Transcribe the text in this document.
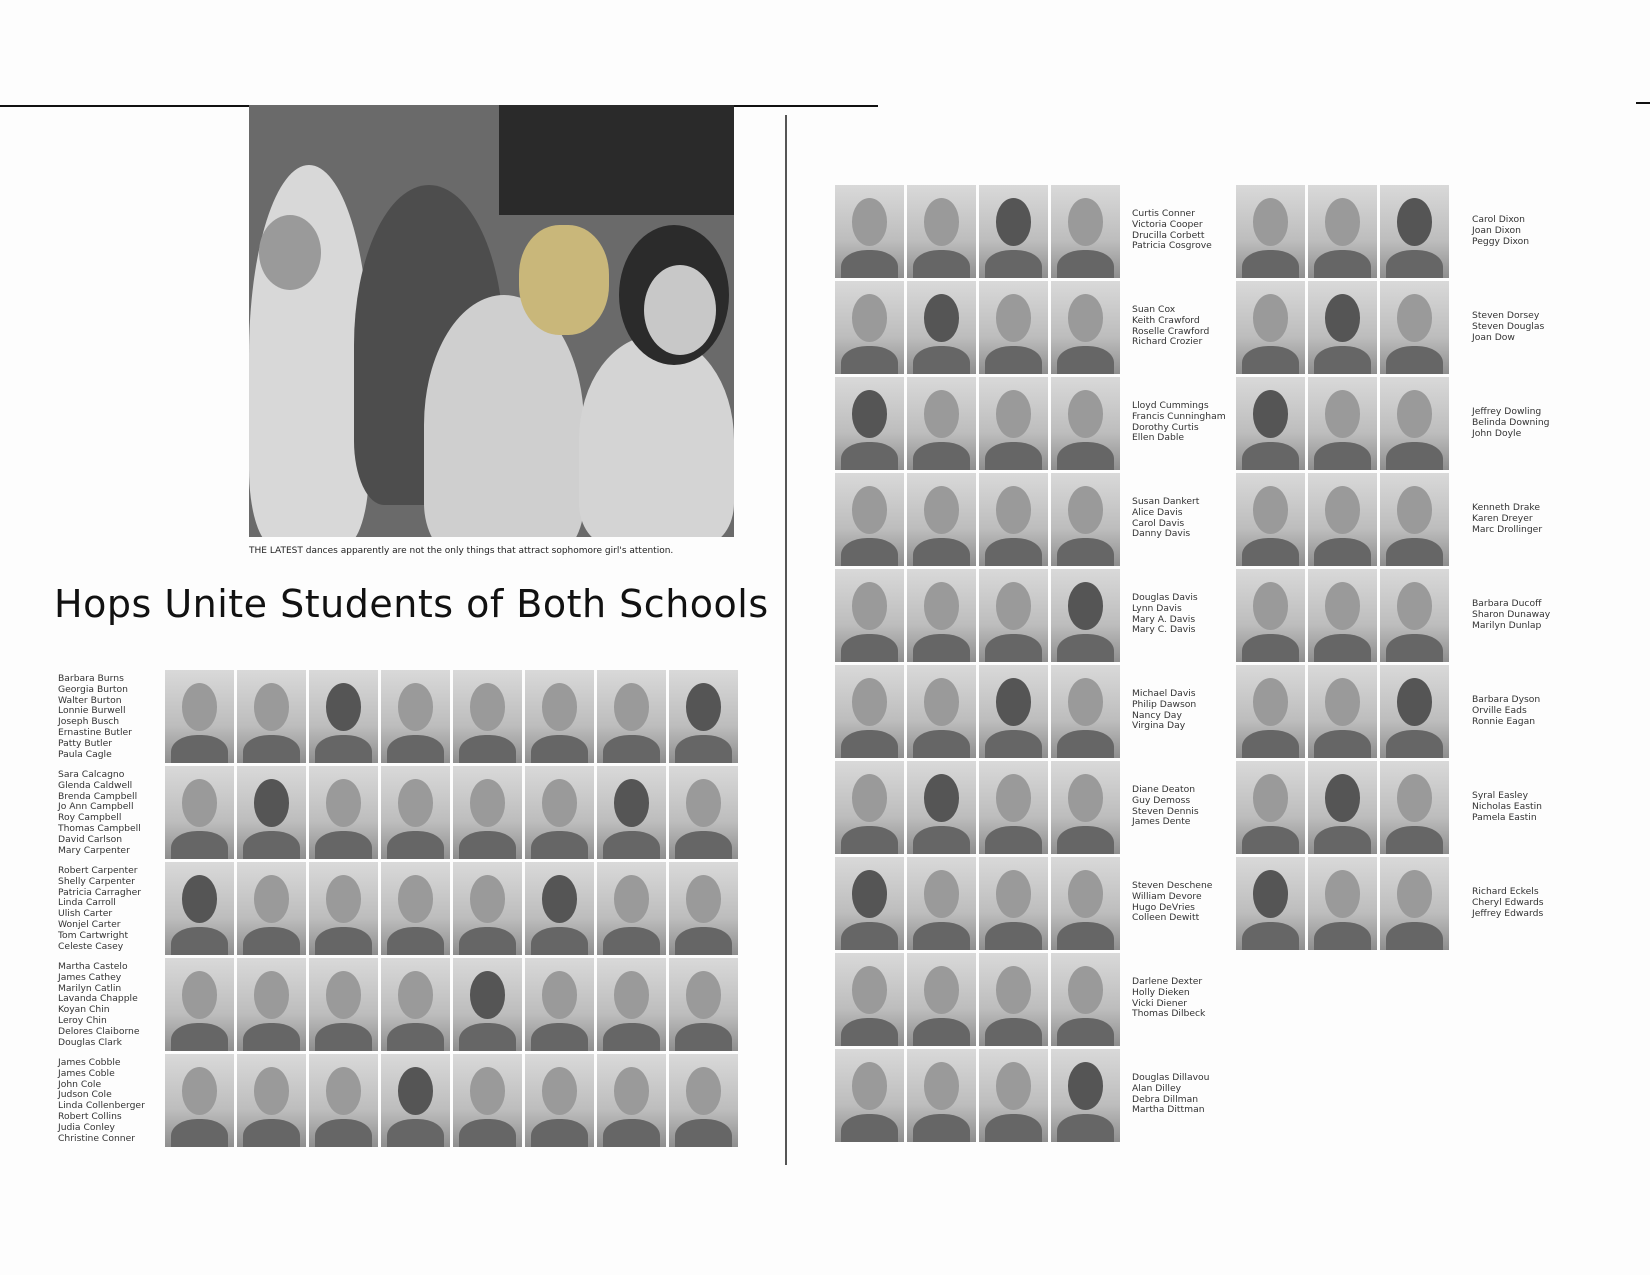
THE LATEST dances apparently are not the only things that attract sophomore girl's attention.
Hops Unite Students of Both Schools
Barbara Burns
Georgia Burton
Walter Burton
Lonnie Burwell
Joseph Busch
Ernastine Butler
Patty Butler
Paula Cagle
Sara Calcagno
Glenda Caldwell
Brenda Campbell
Jo Ann Campbell
Roy Campbell
Thomas Campbell
David Carlson
Mary Carpenter
Robert Carpenter
Shelly Carpenter
Patricia Carragher
Linda Carroll
Ulish Carter
Wonjel Carter
Tom Cartwright
Celeste Casey
Martha Castelo
James Cathey
Marilyn Catlin
Lavanda Chapple
Koyan Chin
Leroy Chin
Delores Claiborne
Douglas Clark
James Cobble
James Coble
John Cole
Judson Cole
Linda Collenberger
Robert Collins
Judia Conley
Christine Conner
Curtis Conner
Victoria Cooper
Drucilla Corbett
Patricia Cosgrove
Suan Cox
Keith Crawford
Roselle Crawford
Richard Crozier
Lloyd Cummings
Francis Cunningham
Dorothy Curtis
Ellen Dable
Susan Dankert
Alice Davis
Carol Davis
Danny Davis
Douglas Davis
Lynn Davis
Mary A. Davis
Mary C. Davis
Michael Davis
Philip Dawson
Nancy Day
Virgina Day
Diane Deaton
Guy Demoss
Steven Dennis
James Dente
Steven Deschene
William Devore
Hugo DeVries
Colleen Dewitt
Darlene Dexter
Holly Dieken
Vicki Diener
Thomas Dilbeck
Douglas Dillavou
Alan Dilley
Debra Dillman
Martha Dittman
Carol Dixon
Joan Dixon
Peggy Dixon
Steven Dorsey
Steven Douglas
Joan Dow
Jeffrey Dowling
Belinda Downing
John Doyle
Kenneth Drake
Karen Dreyer
Marc Drollinger
Barbara Ducoff
Sharon Dunaway
Marilyn Dunlap
Barbara Dyson
Orville Eads
Ronnie Eagan
Syral Easley
Nicholas Eastin
Pamela Eastin
Richard Eckels
Cheryl Edwards
Jeffrey Edwards
